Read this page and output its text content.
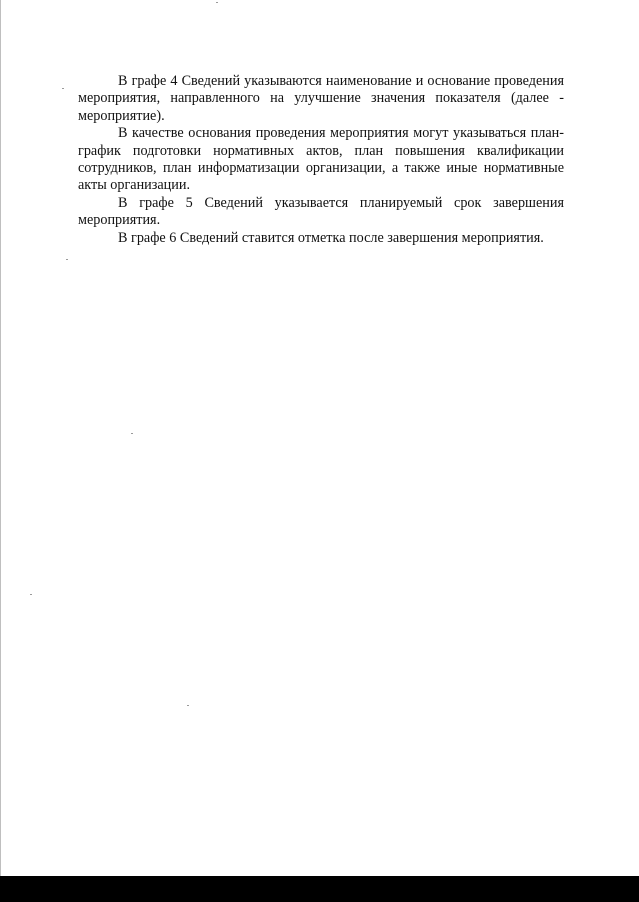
В графе 4 Сведений указываются наименование и основание проведения мероприятия, направленного на улучшение значения показателя (далее - мероприятие).

В качестве основания проведения мероприятия могут указываться план-график подготовки нормативных актов, план повышения квалификации сотрудников, план информатизации организации, а также иные нормативные акты организации.

В графе 5 Сведений указывается планируемый срок завершения мероприятия.

В графе 6 Сведений ставится отметка после завершения мероприятия.
